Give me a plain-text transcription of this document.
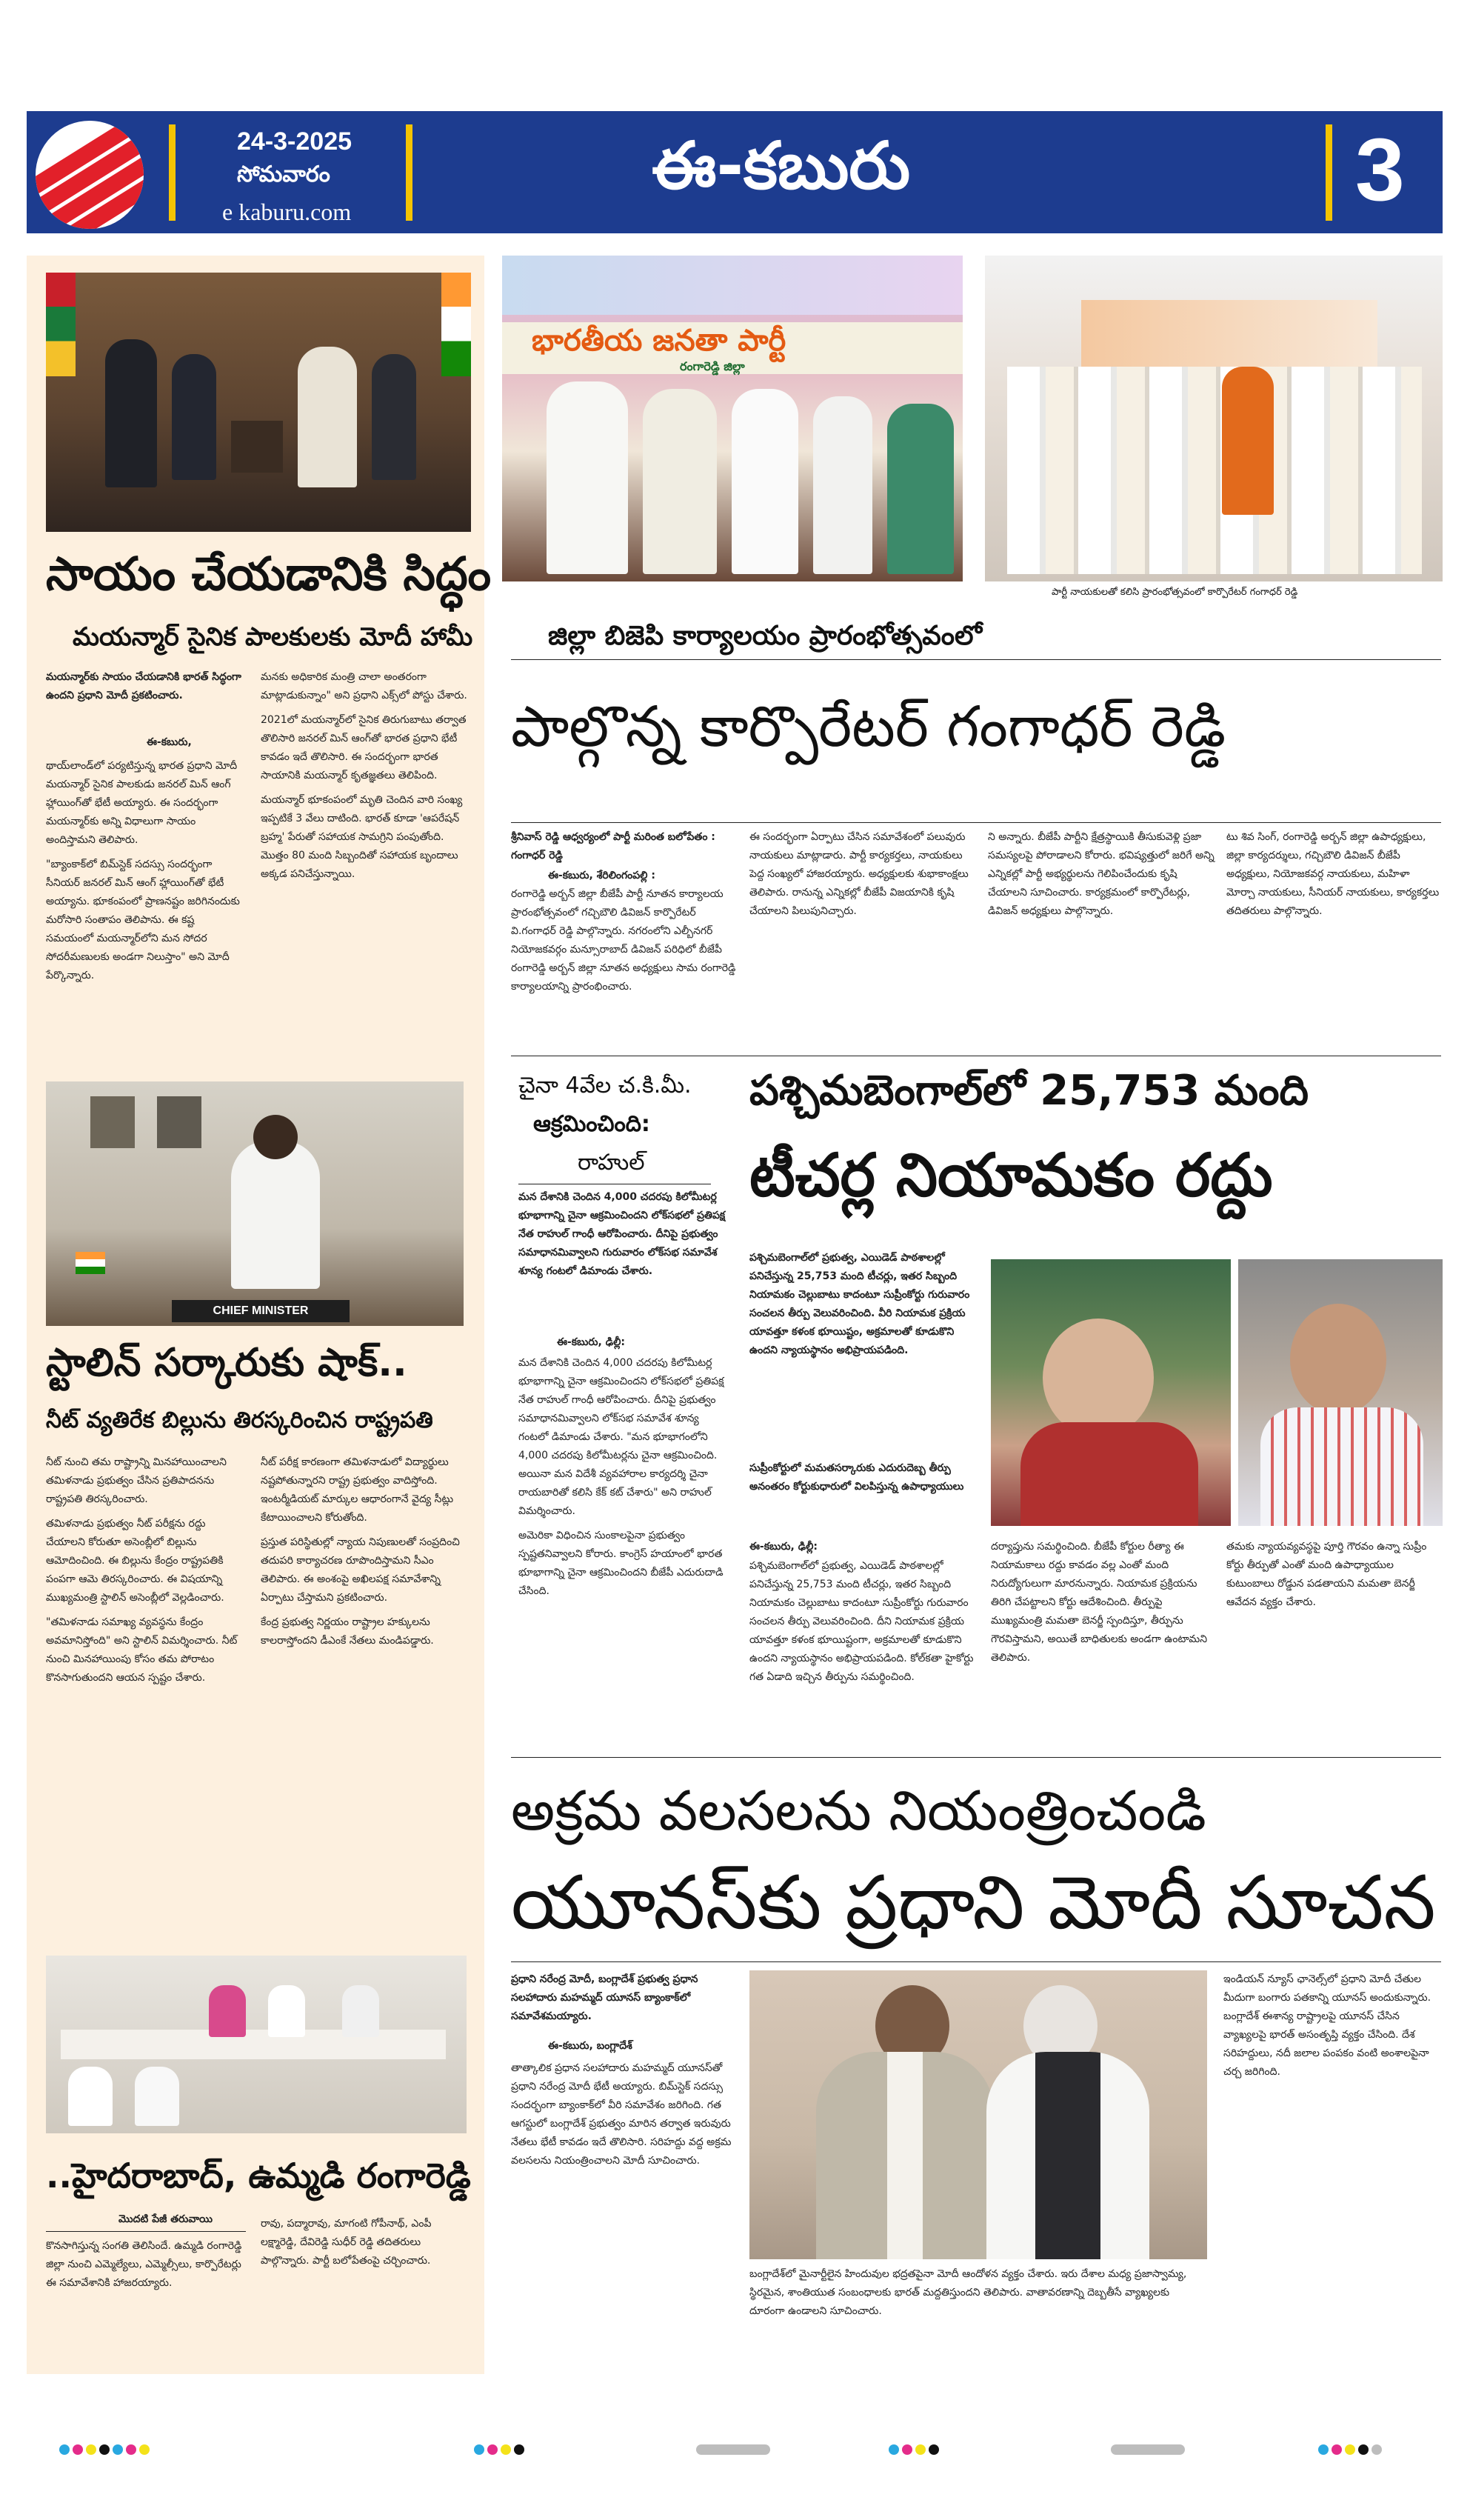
24-3-2025
సోమవారం
e kaburu.com
ఈ-కబురు	3
సాయం చేయడానికి సిద్ధం
మయన్మార్ సైనిక పాలకులకు మోదీ హామీ
మయన్మార్‌కు సాయం చేయడానికి భారత్ సిద్ధంగా ఉందని ప్రధాని మోదీ ప్రకటించారు.
ఈ-కబురు,

థాయ్‌లాండ్‌లో పర్యటిస్తున్న భారత ప్రధాని మోదీ మయన్మార్ సైనిక పాలకుడు జనరల్ మిన్ ఆంగ్ హ్లాయింగ్‌తో భేటీ అయ్యారు. ఈ సందర్భంగా మయన్మార్‌కు అన్ని విధాలుగా సాయం అందిస్తామని తెలిపారు.

"బ్యాంకాక్‌లో బిమ్‌స్టెక్ సదస్సు సందర్భంగా సీనియర్ జనరల్ మిన్ ఆంగ్ హ్లాయింగ్‌తో భేటీ అయ్యాను. భూకంపంలో ప్రాణనష్టం జరిగినందుకు మరోసారి సంతాపం తెలిపాను. ఈ కష్ట సమయంలో మయన్మార్‌లోని మన సోదర సోదరీమణులకు అండగా నిలుస్తాం" అని మోదీ పేర్కొన్నారు.

మనకు అధికారిక మంత్రి చాలా అంతరంగా మాట్లాడుకున్నాం" అని ప్రధాని ఎక్స్‌లో పోస్టు చేశారు.

2021లో మయన్మార్‌లో సైనిక తిరుగుబాటు తర్వాత తొలిసారి జనరల్ మిన్ ఆంగ్‌తో భారత ప్రధాని భేటీ కావడం ఇదే తొలిసారి. ఈ సందర్భంగా భారత సాయానికి మయన్మార్ కృతజ్ఞతలు తెలిపింది.

మయన్మార్ భూకంపంలో మృతి చెందిన వారి సంఖ్య ఇప్పటికే 3 వేలు దాటింది. భారత్ కూడా 'ఆపరేషన్ బ్రహ్మ' పేరుతో సహాయక సామగ్రిని పంపుతోంది. మొత్తం 80 మంది సిబ్బందితో సహాయక బృందాలు అక్కడ పనిచేస్తున్నాయి.

CHIEF MINISTER
స్టాలిన్ సర్కారుకు షాక్..
నీట్ వ్యతిరేక బిల్లును తిరస్కరించిన రాష్ట్రపతి

నీట్ నుంచి తమ రాష్ట్రాన్ని మినహాయించాలని తమిళనాడు ప్రభుత్వం చేసిన ప్రతిపాదనను రాష్ట్రపతి తిరస్కరించారు.

తమిళనాడు ప్రభుత్వం నీట్ పరీక్షను రద్దు చేయాలని కోరుతూ అసెంబ్లీలో బిల్లును ఆమోదించింది. ఈ బిల్లును కేంద్రం రాష్ట్రపతికి పంపగా ఆమె తిరస్కరించారు. ఈ విషయాన్ని ముఖ్యమంత్రి స్టాలిన్ అసెంబ్లీలో వెల్లడించారు.

"తమిళనాడు సమాఖ్య వ్యవస్థను కేంద్రం అవమానిస్తోంది" అని స్టాలిన్ విమర్శించారు. నీట్ నుంచి మినహాయింపు కోసం తమ పోరాటం కొనసాగుతుందని ఆయన స్పష్టం చేశారు.

నీట్ పరీక్ష కారణంగా తమిళనాడులో విద్యార్థులు నష్టపోతున్నారని రాష్ట్ర ప్రభుత్వం వాదిస్తోంది. ఇంటర్మీడియట్ మార్కుల ఆధారంగానే వైద్య సీట్లు కేటాయించాలని కోరుతోంది.

ప్రస్తుత పరిస్థితుల్లో న్యాయ నిపుణులతో సంప్రదించి తదుపరి కార్యాచరణ రూపొందిస్తామని సీఎం తెలిపారు. ఈ అంశంపై అఖిలపక్ష సమావేశాన్ని ఏర్పాటు చేస్తామని ప్రకటించారు.

కేంద్ర ప్రభుత్వ నిర్ణయం రాష్ట్రాల హక్కులను కాలరాస్తోందని డీఎంకే నేతలు మండిపడ్డారు.

..హైదరాబాద్, ఉమ్మడి రంగారెడ్డి
మొదటి పేజీ తరువాయి
కొనసాగిస్తున్న సంగతి తెలిసిందే. ఉమ్మడి రంగారెడ్డి జిల్లా నుంచి ఎమ్మెల్యేలు, ఎమ్మెల్సీలు, కార్పొరేటర్లు ఈ సమావేశానికి హాజరయ్యారు.
రావు, పద్మారావు, మాగంటి గోపీనాథ్, ఎంపీ లక్ష్మారెడ్డి, దేవిరెడ్డి సుధీర్ రెడ్డి తదితరులు పాల్గొన్నారు. పార్టీ బలోపేతంపై చర్చించారు.
భారతీయ జనతా పార్టీ
రంగారెడ్డి జిల్లా
పార్టీ నాయకులతో కలిసి ప్రారంభోత్సవంలో కార్పొరేటర్ గంగాధర్ రెడ్డి
జిల్లా బిజెపి కార్యాలయం ప్రారంభోత్సవంలో
పాల్గొన్న కార్పొరేటర్ గంగాధర్ రెడ్డి
శ్రీనివాస్ రెడ్డి ఆధ్వర్యంలో పార్టీ మరింత బలోపేతం : గంగాధర్ రెడ్డి
ఈ-కబురు, శేరిలింగంపల్లి :
రంగారెడ్డి అర్బన్ జిల్లా బీజేపీ పార్టీ నూతన కార్యాలయ ప్రారంభోత్సవంలో గచ్చిబౌలి డివిజన్ కార్పొరేటర్ వి.గంగాధర్ రెడ్డి పాల్గొన్నారు. నగరంలోని ఎల్బీనగర్ నియోజకవర్గం మన్సూరాబాద్ డివిజన్ పరిధిలో బీజేపీ రంగారెడ్డి అర్బన్ జిల్లా నూతన అధ్యక్షులు సామ రంగారెడ్డి కార్యాలయాన్ని ప్రారంభించారు.
ఈ సందర్భంగా ఏర్పాటు చేసిన సమావేశంలో పలువురు నాయకులు మాట్లాడారు. పార్టీ కార్యకర్తలు, నాయకులు పెద్ద సంఖ్యలో హాజరయ్యారు. అధ్యక్షులకు శుభాకాంక్షలు తెలిపారు. రానున్న ఎన్నికల్లో బీజేపీ విజయానికి కృషి చేయాలని పిలుపునిచ్చారు.
ని అన్నారు. బీజేపీ పార్టీని క్షేత్రస్థాయికి తీసుకువెళ్లి ప్రజా సమస్యలపై పోరాడాలని కోరారు. భవిష్యత్తులో జరిగే అన్ని ఎన్నికల్లో పార్టీ అభ్యర్థులను గెలిపించేందుకు కృషి చేయాలని సూచించారు. కార్యక్రమంలో కార్పొరేటర్లు, డివిజన్ అధ్యక్షులు పాల్గొన్నారు.
టు శివ సింగ్, రంగారెడ్డి అర్బన్ జిల్లా ఉపాధ్యక్షులు, జిల్లా కార్యదర్శులు, గచ్చిబౌలి డివిజన్ బీజేపీ అధ్యక్షులు, నియోజకవర్గ నాయకులు, మహిళా మోర్చా నాయకులు, సీనియర్ నాయకులు, కార్యకర్తలు తదితరులు పాల్గొన్నారు.
చైనా 4వేల చ.కి.మీ.
ఆక్రమించింది:
రాహుల్
మన దేశానికి చెందిన 4,000 చదరపు కిలోమీటర్ల భూభాగాన్ని చైనా ఆక్రమించిందని లోక్‌సభలో ప్రతిపక్ష నేత రాహుల్ గాంధీ ఆరోపించారు. దీనిపై ప్రభుత్వం సమాధానమివ్వాలని గురువారం లోక్‌సభ సమావేశ శూన్య గంటలో డిమాండు చేశారు.
ఈ-కబురు, ఢిల్లీ:

మన దేశానికి చెందిన 4,000 చదరపు కిలోమీటర్ల భూభాగాన్ని చైనా ఆక్రమించిందని లోక్‌సభలో ప్రతిపక్ష నేత రాహుల్ గాంధీ ఆరోపించారు. దీనిపై ప్రభుత్వం సమాధానమివ్వాలని లోక్‌సభ సమావేశ శూన్య గంటలో డిమాండు చేశారు. "మన భూభాగంలోని 4,000 చదరపు కిలోమీటర్లను చైనా ఆక్రమించింది. అయినా మన విదేశీ వ్యవహారాల కార్యదర్శి చైనా రాయబారితో కలిసి కేక్ కట్ చేశారు" అని రాహుల్ విమర్శించారు.

అమెరికా విధించిన సుంకాలపైనా ప్రభుత్వం స్పష్టతనివ్వాలని కోరారు. కాంగ్రెస్ హయాంలో భారత భూభాగాన్ని చైనా ఆక్రమించిందని బీజేపీ ఎదురుదాడి చేసింది.

పశ్చిమబెంగాల్‌లో 25,753 మంది
టీచర్ల నియామకం రద్దు
పశ్చిమబెంగాల్‌లో ప్రభుత్వ, ఎయిడెడ్ పాఠశాలల్లో పనిచేస్తున్న 25,753 మంది టీచర్లు, ఇతర సిబ్బంది నియామకం చెల్లుబాటు కాదంటూ సుప్రీంకోర్టు గురువారం సంచలన తీర్పు వెలువరించింది. వీరి నియామక ప్రక్రియ యావత్తూ కళంక భూయిష్టం, అక్రమాలతో కూడుకొని ఉందని న్యాయస్థానం అభిప్రాయపడింది.
సుప్రీంకోర్టులో మమతసర్కారుకు ఎదురుదెబ్బ తీర్పు అనంతరం కోర్టుకుధారులో విలపిస్తున్న ఉపాధ్యాయులు
ఈ-కబురు, ఢిల్లీ:
పశ్చిమబెంగాల్‌లో ప్రభుత్వ, ఎయిడెడ్ పాఠశాలల్లో పనిచేస్తున్న 25,753 మంది టీచర్లు, ఇతర సిబ్బంది నియామకం చెల్లుబాటు కాదంటూ సుప్రీంకోర్టు గురువారం సంచలన తీర్పు వెలువరించింది. దీని నియామక ప్రక్రియ యావత్తూ కళంక భూయిష్టంగా, అక్రమాలతో కూడుకొని ఉందని న్యాయస్థానం అభిప్రాయపడింది. కోల్‌కతా హైకోర్టు గత ఏడాది ఇచ్చిన తీర్పును సమర్థించింది.
దర్యాప్తును సమర్థించింది. బీజేపీ కోర్టుల రీత్యా ఈ నియామకాలు రద్దు కావడం వల్ల ఎంతో మంది నిరుద్యోగులుగా మారనున్నారు. నియామక ప్రక్రియను తిరిగి చేపట్టాలని కోర్టు ఆదేశించింది. తీర్పుపై ముఖ్యమంత్రి మమతా బెనర్జీ స్పందిస్తూ, తీర్పును గౌరవిస్తామని, అయితే బాధితులకు అండగా ఉంటామని తెలిపారు.
తమకు న్యాయవ్యవస్థపై పూర్తి గౌరవం ఉన్నా సుప్రీం కోర్టు తీర్పుతో ఎంతో మంది ఉపాధ్యాయుల కుటుంబాలు రోడ్డున పడతాయని మమతా బెనర్జీ ఆవేదన వ్యక్తం చేశారు.
అక్రమ వలసలను నియంత్రించండి
యూనస్‌కు ప్రధాని మోదీ సూచన
ప్రధాని నరేంద్ర మోదీ, బంగ్లాదేశ్ ప్రభుత్వ ప్రధాన సలహాదారు మహమ్మద్ యూనస్ బ్యాంకాక్‌లో సమావేశమయ్యారు.
ఈ-కబురు, బంగ్లాదేశ్
తాత్కాలిక ప్రధాన సలహాదారు మహమ్మద్ యూనస్‌తో ప్రధాని నరేంద్ర మోదీ భేటీ అయ్యారు. బిమ్‌స్టెక్ సదస్సు సందర్భంగా బ్యాంకాక్‌లో వీరి సమావేశం జరిగింది. గత ఆగస్టులో బంగ్లాదేశ్ ప్రభుత్వం మారిన తర్వాత ఇరువురు నేతలు భేటీ కావడం ఇదే తొలిసారి. సరిహద్దు వద్ద అక్రమ వలసలను నియంత్రించాలని మోదీ సూచించారు.
బంగ్లాదేశ్‌లో మైనార్టీలైన హిందువుల భద్రతపైనా మోదీ ఆందోళన వ్యక్తం చేశారు. ఇరు దేశాల మధ్య ప్రజాస్వామ్య, స్థిరమైన, శాంతియుత సంబంధాలకు భారత్ మద్దతిస్తుందని తెలిపారు. వాతావరణాన్ని దెబ్బతీసే వ్యాఖ్యలకు దూరంగా ఉండాలని సూచించారు.
ఇండియన్ న్యూస్ ఛానెల్స్‌లో ప్రధాని మోదీ చేతుల మీదుగా బంగారు పతకాన్ని యూనస్ అందుకున్నారు. బంగ్లాదేశ్ ఈశాన్య రాష్ట్రాలపై యూనస్ చేసిన వ్యాఖ్యలపై భారత్ అసంతృప్తి వ్యక్తం చేసింది. దేశ సరిహద్దులు, నదీ జలాల పంపకం వంటి అంశాలపైనా చర్చ జరిగింది.
